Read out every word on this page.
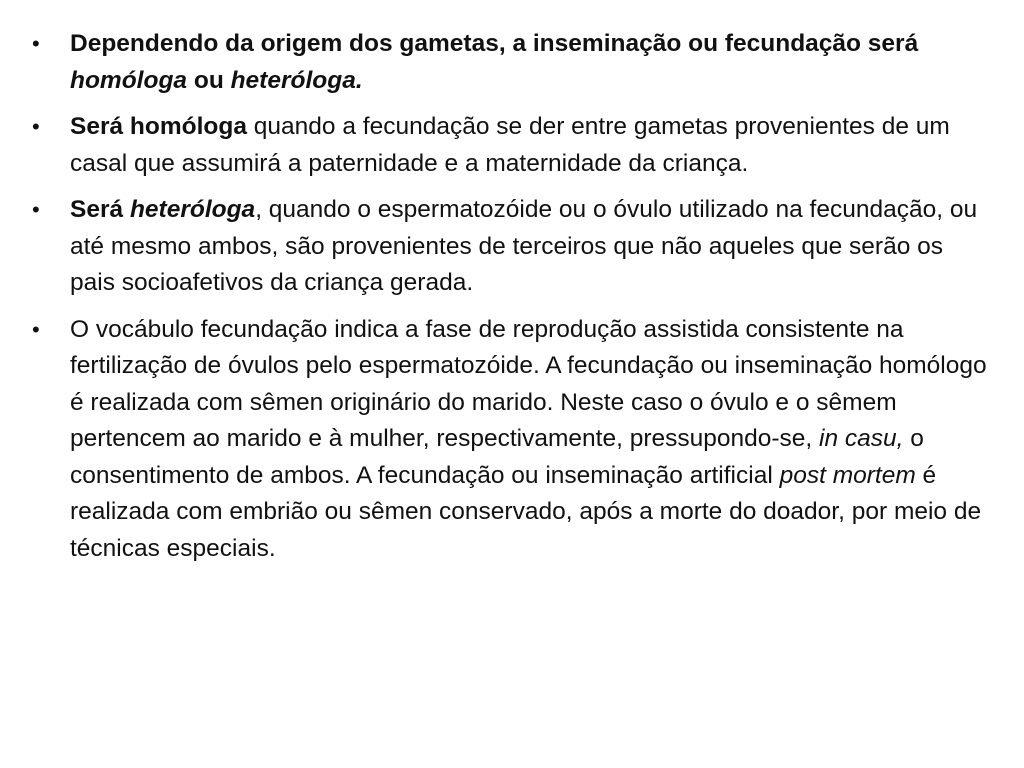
• Dependendo da origem dos gametas, a inseminação ou fecundação será homóloga ou heteróloga.
• Será homóloga quando a fecundação se der entre gametas provenientes de um casal que assumirá a paternidade e a maternidade da criança.
• Será heteróloga, quando o espermatozóide ou o óvulo utilizado na fecundação, ou até mesmo ambos, são provenientes de terceiros que não aqueles que serão os pais socioafetivos da criança gerada.
• O vocábulo fecundação indica a fase de reprodução assistida consistente na fertilização de óvulos pelo espermatozóide. A fecundação ou inseminação homólogo é realizada com sêmen originário do marido. Neste caso o óvulo e o sêmem pertencem ao marido e à mulher, respectivamente, pressupondo-se, in casu, o consentimento de ambos. A fecundação ou inseminação artificial post mortem é realizada com embrião ou sêmen conservado, após a morte do doador, por meio de técnicas especiais.
